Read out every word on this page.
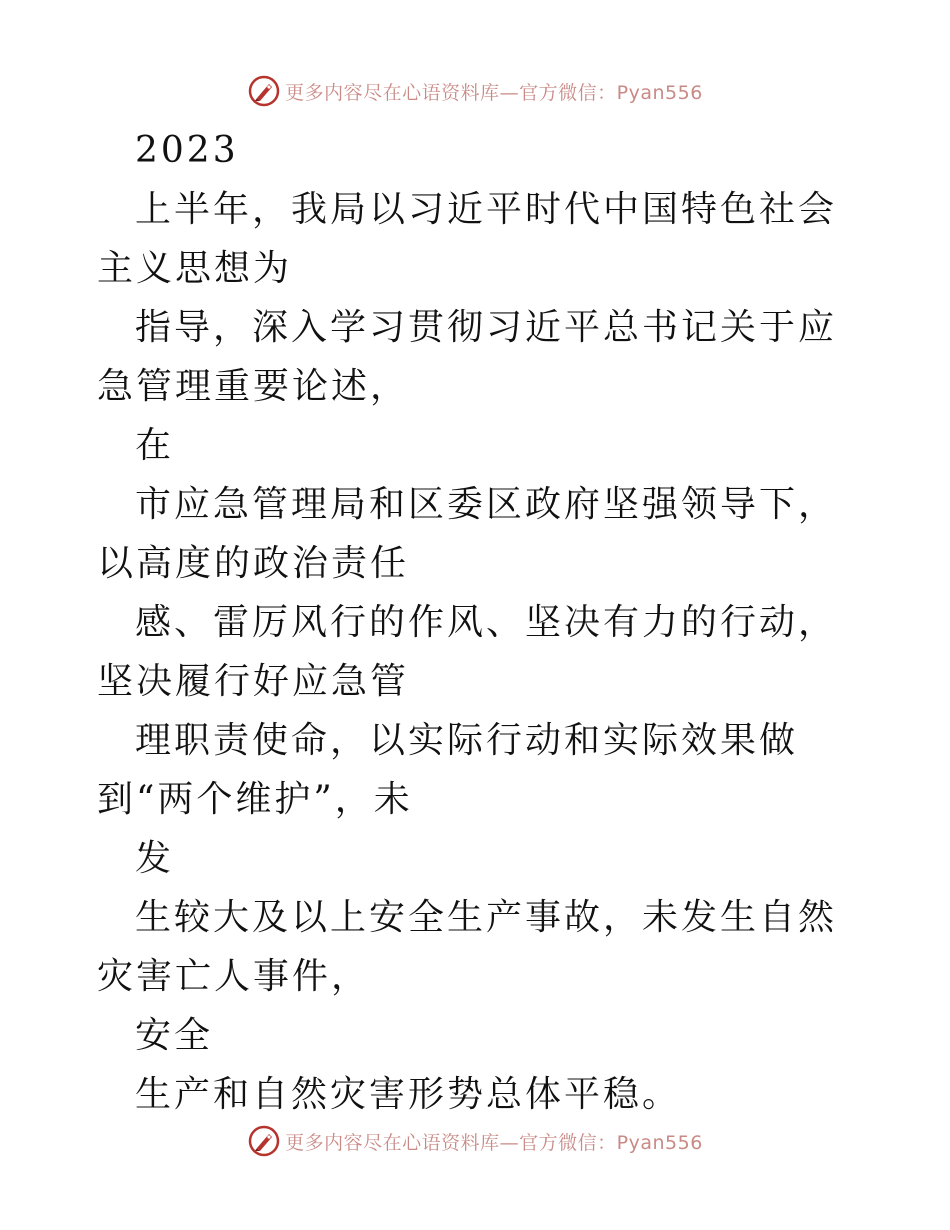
更多内容尽在心语资料库—官方微信：Pyan556

2023

上半年，我局以习近平时代中国特色社会主义思想为

指导，深入学习贯彻习近平总书记关于应急管理重要论述，

在

市应急管理局和区委区政府坚强领导下，以高度的政治责任

感、雷厉风行的作风、坚决有力的行动，坚决履行好应急管

理职责使命，以实际行动和实际效果做到“两个维护”，未

发

生较大及以上安全生产事故，未发生自然灾害亡人事件，

安全

生产和自然灾害形势总体平稳。

更多内容尽在心语资料库—官方微信：Pyan556
